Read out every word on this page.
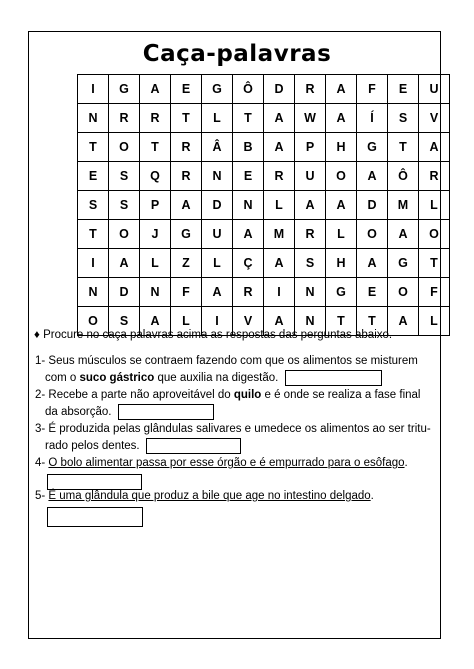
Caça-palavras
I	G	A	E	G	Ô	D	R	A	F	E	U
N	R	R	T	L	T	A	W	A	Í	S	V
T	O	T	R	Â	B	A	P	H	G	T	A
E	S	Q	R	N	E	R	U	O	A	Ô	R
S	S	P	A	D	N	L	A	A	D	M	L
T	O	J	G	U	A	M	R	L	O	A	O
I	A	L	Z	L	Ç	A	S	H	A	G	T
N	D	N	F	A	R	I	N	G	E	O	F
O	S	A	L	I	V	A	N	T	T	A	L
♦ Procure no caça palavras acima as respostas das perguntas abaixo.
1- Seus músculos se contraem fazendo com que os alimentos se misturem
com o suco gástrico que auxilia na digestão.
2- Recebe a parte não aproveitável do quilo e é onde se realiza a fase final
da absorção.
3- É produzida pelas glândulas salivares e umedece os alimentos ao ser tritu-
rado pelos dentes.
4- O bolo alimentar passa por esse órgão e é empurrado para o esôfago.

5- É uma glândula que produz a bile que age no intestino delgado.
